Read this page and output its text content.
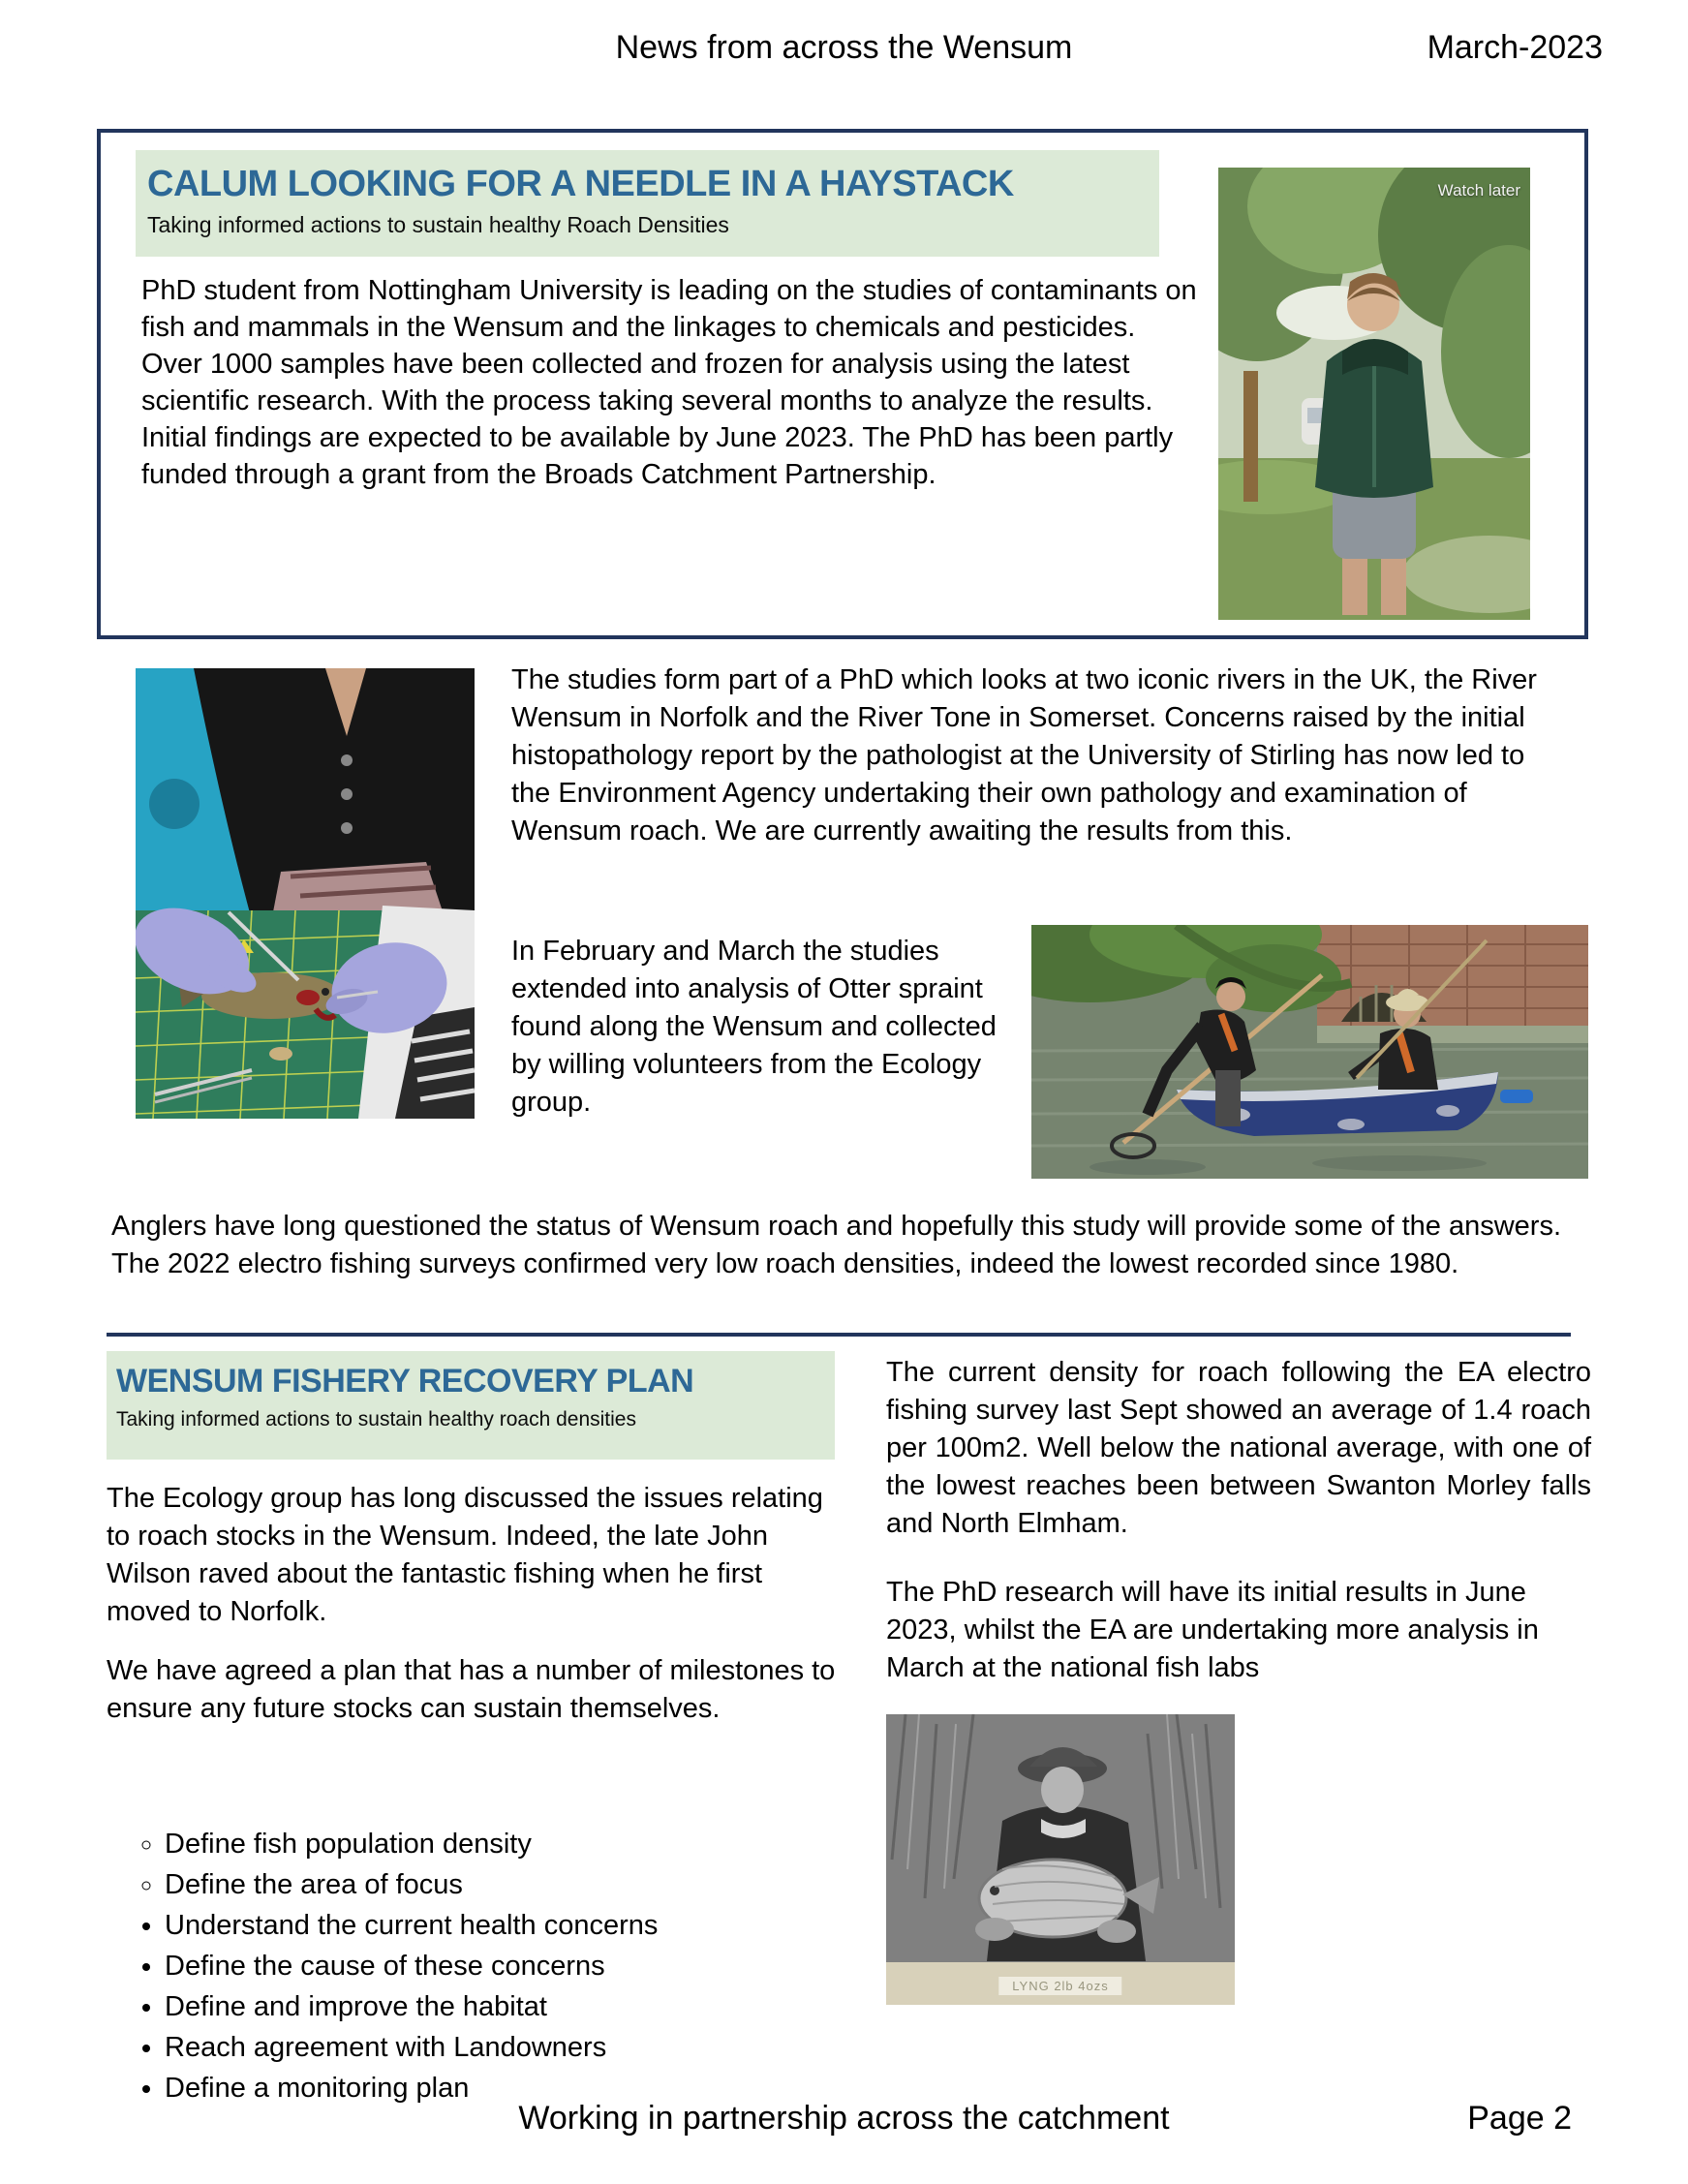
News from across the Wensum	March-2023
CALUM LOOKING FOR A NEEDLE IN A HAYSTACK
Taking informed actions to sustain healthy Roach Densities

PhD student from Nottingham University is leading on the studies of contaminants on fish and mammals in the Wensum and the linkages to chemicals and pesticides.

Over 1000 samples have been collected and frozen for analysis using the latest scientific research. With the process taking several months to analyze the results. Initial findings are expected to be available by June 2023. The PhD has been partly funded through a grant from the Broads Catchment Partnership.

Watch later
The studies form part of a PhD which looks at two iconic rivers in the UK, the River Wensum in Norfolk and the River Tone in Somerset. Concerns raised by the initial histopathology report by the pathologist at the University of Stirling has now led to the Environment Agency undertaking their own pathology and examination of Wensum roach. We are currently awaiting the results from this.
In February and March the studies extended into analysis of Otter spraint found along the Wensum and collected by willing volunteers from the Ecology group.
Anglers have long questioned the status of Wensum roach and hopefully this study will provide some of the answers. The 2022 electro fishing surveys confirmed very low roach densities, indeed the lowest recorded since 1980.
WENSUM FISHERY RECOVERY PLAN
Taking informed actions to sustain healthy roach densities
The Ecology group has long discussed the issues relating to roach stocks in the Wensum. Indeed, the late John Wilson raved about the fantastic fishing when he first moved to Norfolk.
We have agreed a plan that has a number of milestones to ensure any future stocks can sustain themselves.
◦ Define fish population density
◦ Define the area of focus
• Understand the current health concerns
• Define the cause of these concerns
• Define and improve the habitat
• Reach agreement with Landowners
• Define a monitoring plan
The current density for roach following the EA electro fishing survey last Sept showed an average of 1.4 roach per 100m2. Well below the national average, with one of the lowest reaches been between Swanton Morley falls and North Elmham.
The PhD research will have its initial results in June 2023, whilst the EA are undertaking more analysis in March at the national fish labs
LYNG 2lb 4ozs
Working in partnership across the catchment	Page 2
